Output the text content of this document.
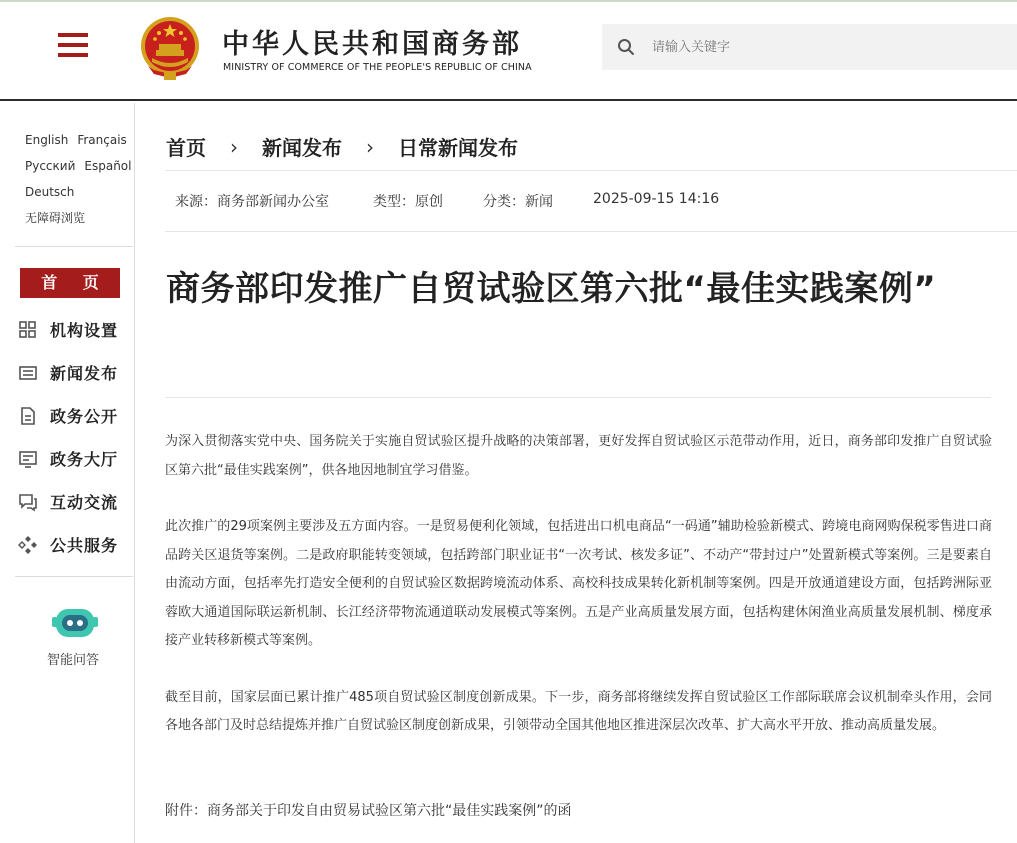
中华人民共和国商务部
MINISTRY OF COMMERCE OF THE PEOPLE'S REPUBLIC OF CHINA
请输入关键字
English Français
Русский Español
Deutsch
无障碍浏览
首 页
机构设置
新闻发布
政务公开
政务大厅
互动交流
公共服务
智能问答
首页	›	新闻发布	›	日常新闻发布
来源：商务部新闻办公室	类型：原创	分类：新闻	2025-09-15 14:16
商务部印发推广自贸试验区第六批“最佳实践案例”

为深入贯彻落实党中央、国务院关于实施自贸试验区提升战略的决策部署，更好发挥自贸试验区示范带动作用，近日，商务部印发推广自贸试验区第六批“最佳实践案例”，供各地因地制宜学习借鉴。

此次推广的29项案例主要涉及五方面内容。一是贸易便利化领域，包括进出口机电商品“一码通”辅助检验新模式、跨境电商网购保税零售进口商品跨关区退货等案例。二是政府职能转变领域，包括跨部门职业证书“一次考试、核发多证”、不动产“带封过户”处置新模式等案例。三是要素自由流动方面，包括率先打造安全便利的自贸试验区数据跨境流动体系、高校科技成果转化新机制等案例。四是开放通道建设方面，包括跨洲际亚蓉欧大通道国际联运新机制、长江经济带物流通道联动发展模式等案例。五是产业高质量发展方面，包括构建休闲渔业高质量发展机制、梯度承接产业转移新模式等案例。

截至目前，国家层面已累计推广485项自贸试验区制度创新成果。下一步，商务部将继续发挥自贸试验区工作部际联席会议机制牵头作用，会同各地各部门及时总结提炼并推广自贸试验区制度创新成果，引领带动全国其他地区推进深层次改革、扩大高水平开放、推动高质量发展。

附件：商务部关于印发自由贸易试验区第六批“最佳实践案例”的函
